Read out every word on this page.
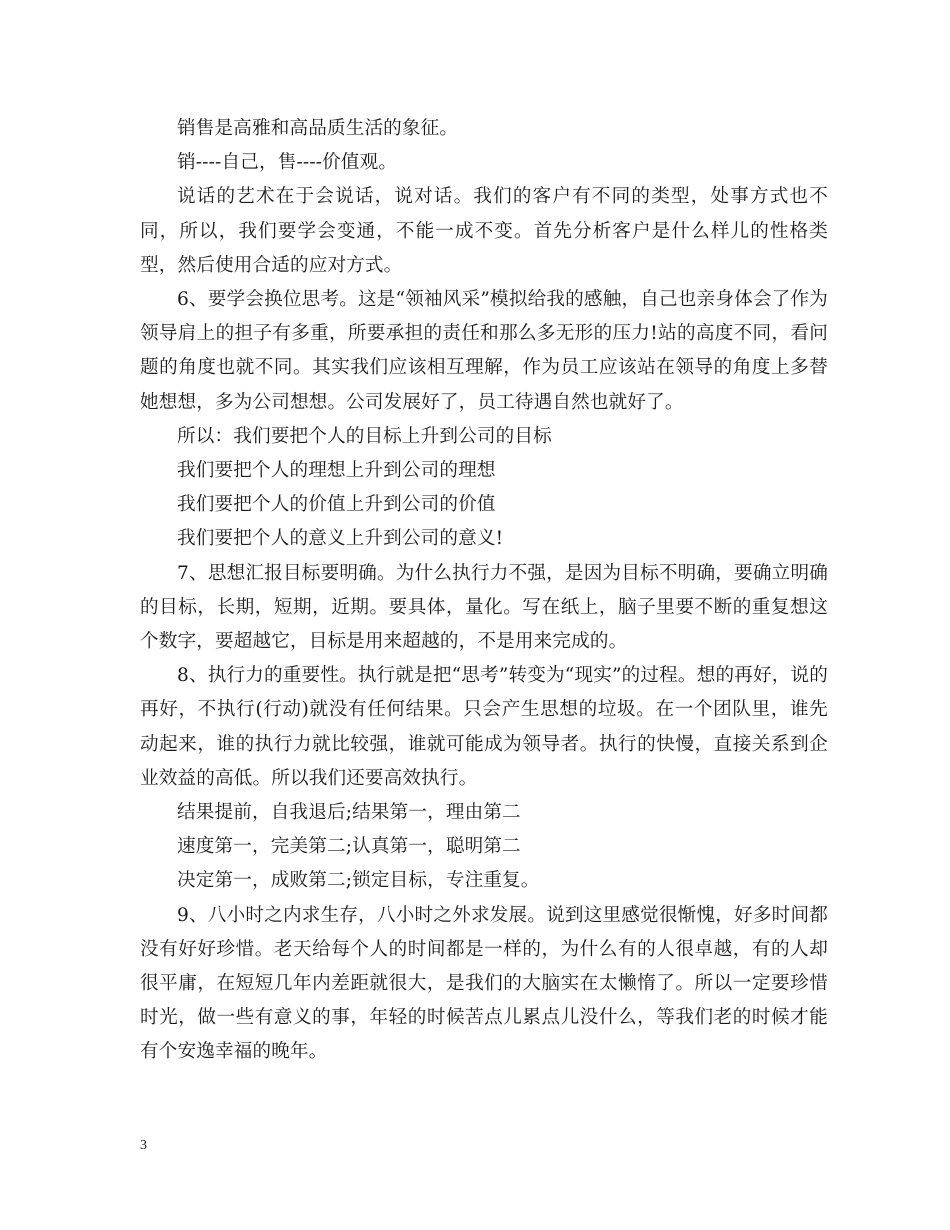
销售是高雅和高品质生活的象征。

销----自己，售----价值观。

说话的艺术在于会说话，说对话。我们的客户有不同的类型，处事方式也不同，所以，我们要学会变通，不能一成不变。首先分析客户是什么样儿的性格类型，然后使用合适的应对方式。

6、要学会换位思考。这是“领袖风采”模拟给我的感触，自己也亲身体会了作为领导肩上的担子有多重，所要承担的责任和那么多无形的压力!站的高度不同，看问题的角度也就不同。其实我们应该相互理解，作为员工应该站在领导的角度上多替她想想，多为公司想想。公司发展好了，员工待遇自然也就好了。

所以：我们要把个人的目标上升到公司的目标

我们要把个人的理想上升到公司的理想

我们要把个人的价值上升到公司的价值

我们要把个人的意义上升到公司的意义!

7、思想汇报目标要明确。为什么执行力不强，是因为目标不明确，要确立明确的目标，长期，短期，近期。要具体，量化。写在纸上，脑子里要不断的重复想这个数字，要超越它，目标是用来超越的，不是用来完成的。

8、执行力的重要性。执行就是把“思考”转变为“现实”的过程。想的再好，说的再好，不执行(行动)就没有任何结果。只会产生思想的垃圾。在一个团队里，谁先动起来，谁的执行力就比较强，谁就可能成为领导者。执行的快慢，直接关系到企业效益的高低。所以我们还要高效执行。

结果提前，自我退后;结果第一，理由第二

速度第一，完美第二;认真第一，聪明第二

决定第一，成败第二;锁定目标，专注重复。

9、八小时之内求生存，八小时之外求发展。说到这里感觉很惭愧，好多时间都没有好好珍惜。老天给每个人的时间都是一样的，为什么有的人很卓越，有的人却很平庸，在短短几年内差距就很大，是我们的大脑实在太懒惰了。所以一定要珍惜时光，做一些有意义的事，年轻的时候苦点儿累点儿没什么，等我们老的时候才能有个安逸幸福的晚年。

3
